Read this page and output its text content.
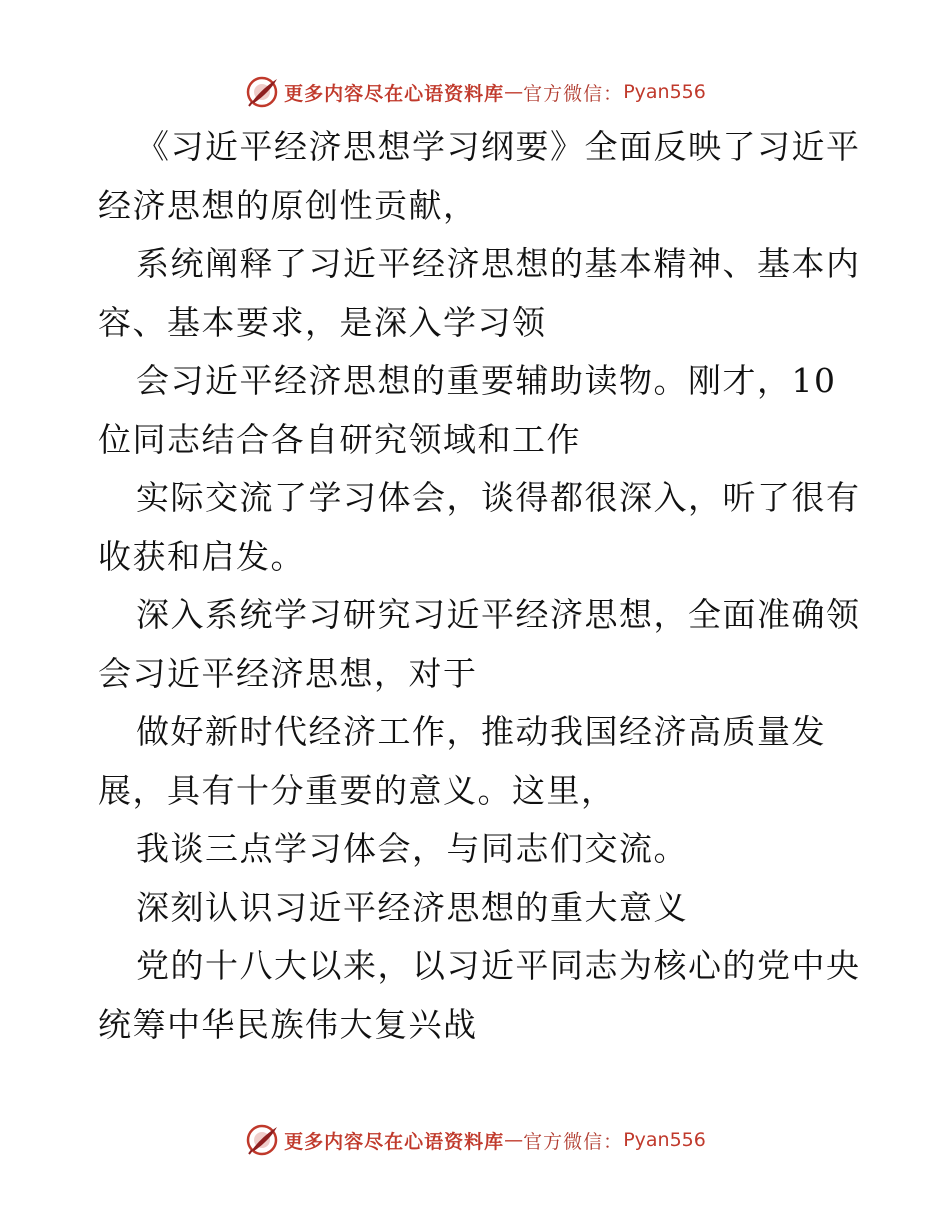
更多内容尽在心语资料库 — 官方微信： Pyan556

《习近平经济思想学习纲要》全面反映了习近平

经济思想的原创性贡献，

系统阐释了习近平经济思想的基本精神、基本内

容、基本要求，是深入学习领

会习近平经济思想的重要辅助读物。刚才，10

位同志结合各自研究领域和工作

实际交流了学习体会，谈得都很深入，听了很有

收获和启发。

深入系统学习研究习近平经济思想，全面准确领

会习近平经济思想，对于

做好新时代经济工作，推动我国经济高质量发

展，具有十分重要的意义。这里，

我谈三点学习体会，与同志们交流。

深刻认识习近平经济思想的重大意义

党的十八大以来，以习近平同志为核心的党中央

统筹中华民族伟大复兴战

更多内容尽在心语资料库 — 官方微信： Pyan556
